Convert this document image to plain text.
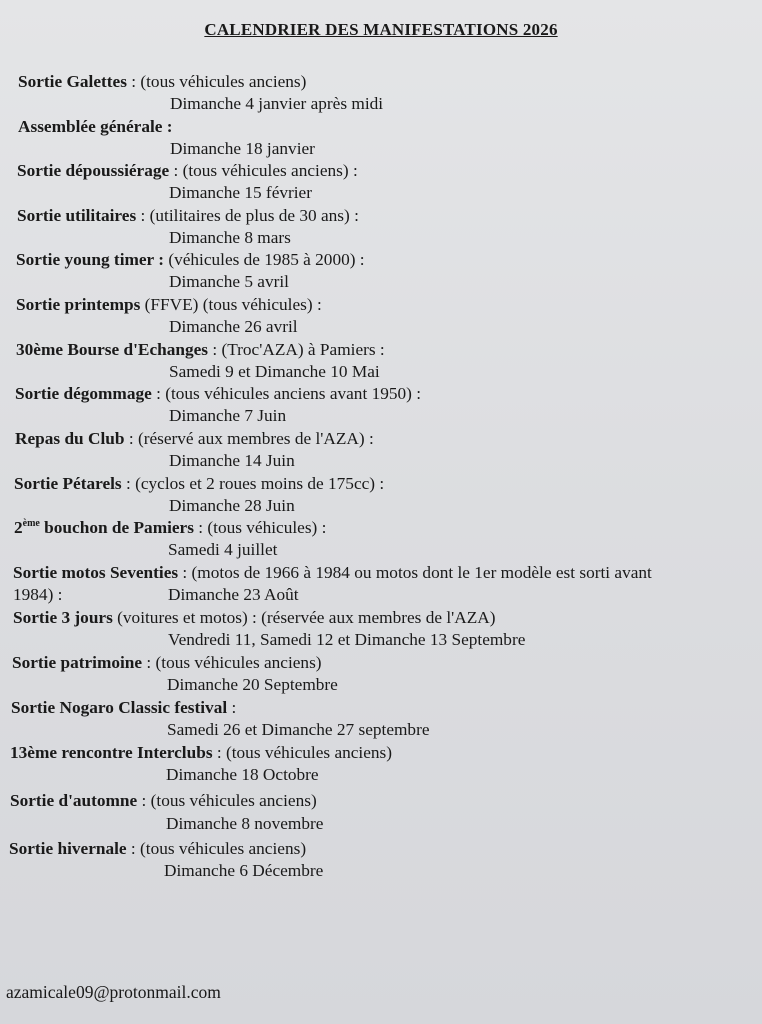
CALENDRIER DES MANIFESTATIONS 2026
Sortie Galettes : (tous véhicules anciens)
Dimanche 4 janvier après midi
Assemblée générale :
Dimanche 18 janvier
Sortie dépoussiérage : (tous véhicules anciens) :
Dimanche 15 février
Sortie utilitaires : (utilitaires de plus de 30 ans) :
Dimanche 8 mars
Sortie young timer : (véhicules de 1985 à 2000) :
Dimanche 5 avril
Sortie printemps (FFVE) (tous véhicules) :
Dimanche 26 avril
30ème Bourse d'Echanges : (Troc'AZA) à Pamiers :
Samedi 9 et Dimanche 10 Mai
Sortie dégommage : (tous véhicules anciens avant 1950) :
Dimanche 7 Juin
Repas du Club : (réservé aux membres de l'AZA) :
Dimanche 14 Juin
Sortie Pétarels : (cyclos et 2 roues moins de 175cc) :
Dimanche 28 Juin
2ème bouchon de Pamiers : (tous véhicules) :
Samedi 4 juillet
Sortie motos Seventies : (motos de 1966 à 1984 ou motos dont le 1er modèle est sorti avant
1984) :	Dimanche 23 Août
Sortie 3 jours (voitures et motos) : (réservée aux membres de l'AZA)
Vendredi 11, Samedi 12 et Dimanche 13 Septembre
Sortie patrimoine : (tous véhicules anciens)
Dimanche 20 Septembre
Sortie Nogaro Classic festival :
Samedi 26 et Dimanche 27 septembre
13ème rencontre Interclubs : (tous véhicules anciens)
Dimanche 18 Octobre
Sortie d'automne : (tous véhicules anciens)
Dimanche 8 novembre
Sortie hivernale : (tous véhicules anciens)
Dimanche 6 Décembre
azamicale09@protonmail.com
